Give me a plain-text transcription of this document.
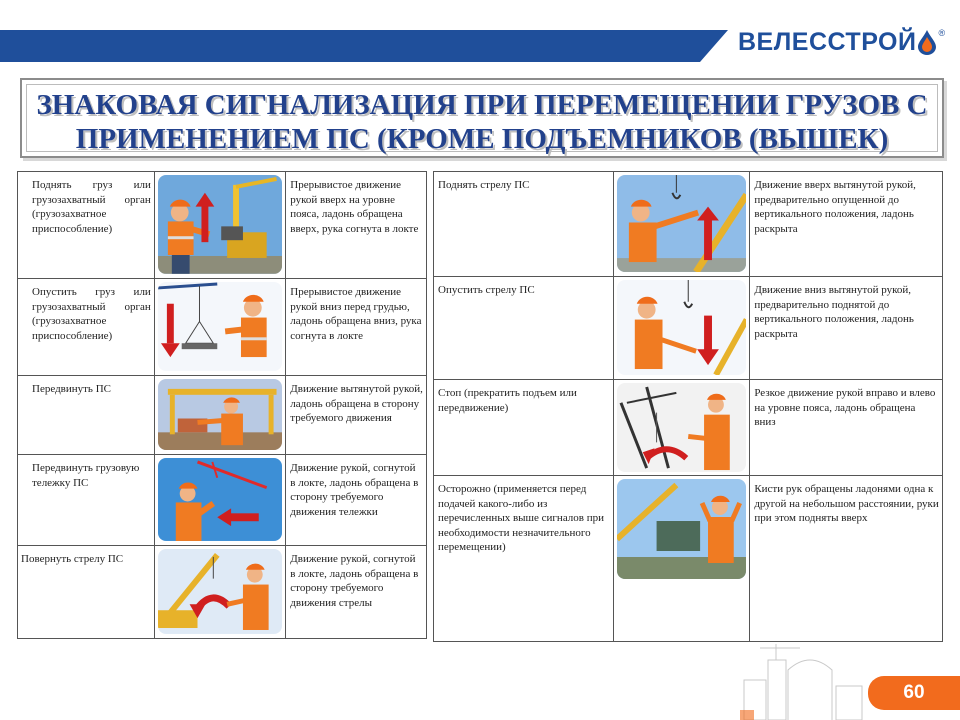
ВЕЛЕССТРОЙ ®
ЗНАКОВАЯ СИГНАЛИЗАЦИЯ ПРИ ПЕРЕМЕЩЕНИИ ГРУЗОВ С
ПРИМЕНЕНИЕМ ПС (КРОМЕ ПОДЪЕМНИКОВ (ВЫШЕК)
Поднять груз или грузозахватный орган (грузозахватное приспособление)		Прерывистое движение рукой вверх на уровне пояса, ладонь обращена вверх, рука согнута в локте
Опустить груз или грузозахватный орган (грузозахватное приспособление)		Прерывистое движение рукой вниз перед грудью, ладонь обращена вниз, рука согнута в локте
Передвинуть ПС		Движение вытянутой рукой, ладонь обращена в сторону требуемого движения
Передвинуть грузовую тележку ПС		Движение рукой, согнутой в локте, ладонь обращена в сторону требуемого движения тележки
Повернуть стрелу ПС		Движение рукой, согнутой в локте, ладонь обращена в сторону требуемого движения стрелы
Поднять стрелу ПС		Движение вверх вытянутой рукой, предварительно опущенной до вертикального положения, ладонь раскрыта
Опустить стрелу ПС		Движение вниз вытянутой рукой, предварительно поднятой до вертикального положения, ладонь раскрыта
Стоп (прекратить подъем или передвижение)		Резкое движение рукой вправо и влево на уровне пояса, ладонь обращена вниз
Осторожно (применяется перед подачей какого-либо из перечисленных выше сигналов при необходимости незначительного перемещении)		Кисти рук обращены ладонями одна к другой на небольшом расстоянии, руки при этом подняты вверх
60
